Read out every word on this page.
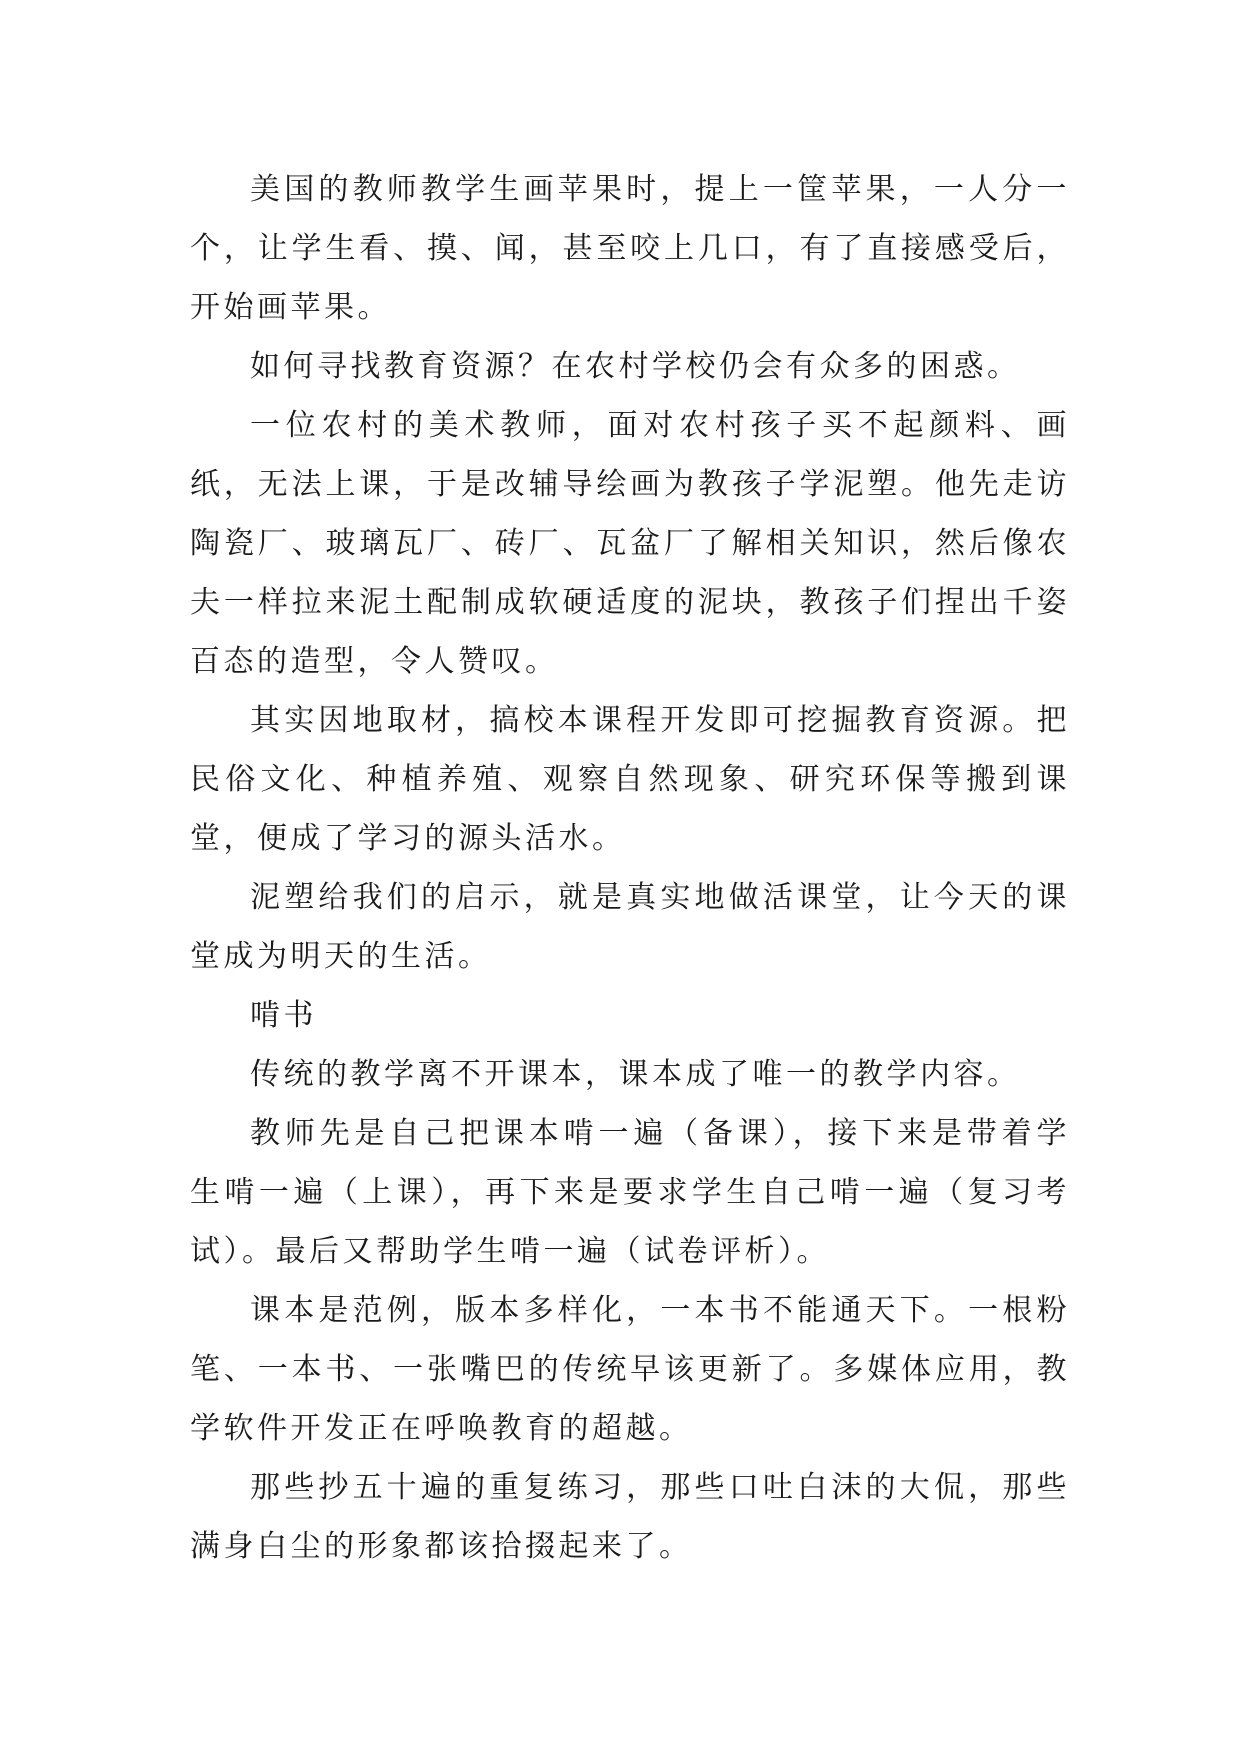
美国的教师教学生画苹果时，提上一筐苹果，一人分一个，让学生看、摸、闻，甚至咬上几口，有了直接感受后，开始画苹果。

如何寻找教育资源？在农村学校仍会有众多的困惑。

一位农村的美术教师，面对农村孩子买不起颜料、画纸，无法上课，于是改辅导绘画为教孩子学泥塑。他先走访陶瓷厂、玻璃瓦厂、砖厂、瓦盆厂了解相关知识，然后像农夫一样拉来泥土配制成软硬适度的泥块，教孩子们捏出千姿百态的造型，令人赞叹。

其实因地取材，搞校本课程开发即可挖掘教育资源。把民俗文化、种植养殖、观察自然现象、研究环保等搬到课堂，便成了学习的源头活水。

泥塑给我们的启示，就是真实地做活课堂，让今天的课堂成为明天的生活。

啃书

传统的教学离不开课本，课本成了唯一的教学内容。

教师先是自己把课本啃一遍（备课），接下来是带着学生啃一遍（上课），再下来是要求学生自己啃一遍（复习考试）。最后又帮助学生啃一遍（试卷评析）。

课本是范例，版本多样化，一本书不能通天下。一根粉笔、一本书、一张嘴巴的传统早该更新了。多媒体应用，教学软件开发正在呼唤教育的超越。

那些抄五十遍的重复练习，那些口吐白沫的大侃，那些满身白尘的形象都该拾掇起来了。
